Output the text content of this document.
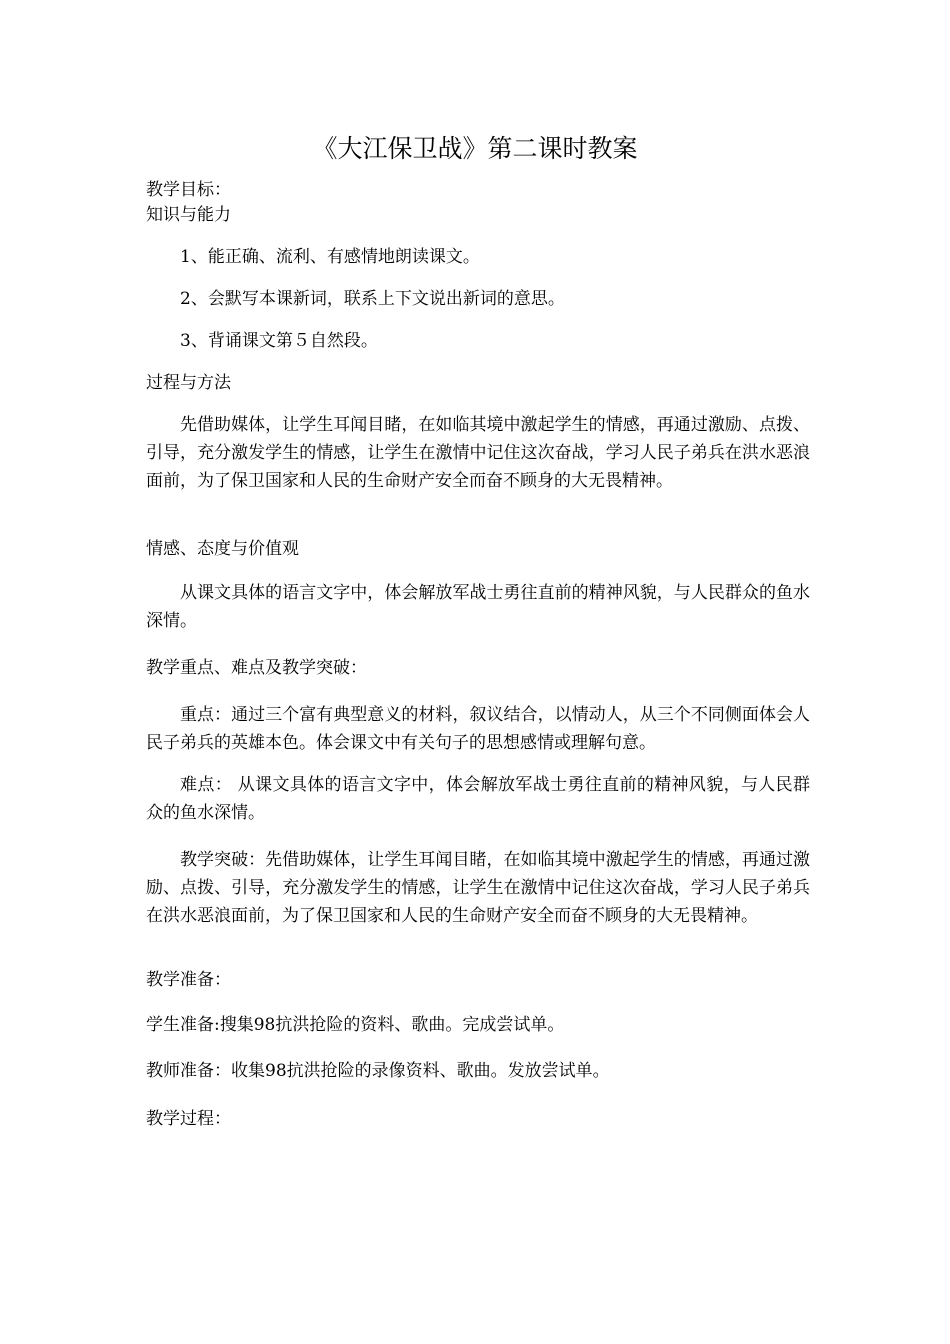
《大江保卫战》第二课时教案
教学目标：
知识与能力
1、能正确、流利、有感情地朗读课文。
2、会默写本课新词，联系上下文说出新词的意思。
3、背诵课文第５自然段。
过程与方法
先借助媒体，让学生耳闻目睹，在如临其境中激起学生的情感，再通过激励、点拨、引导，充分激发学生的情感，让学生在激情中记住这次奋战，学习人民子弟兵在洪水恶浪面前，为了保卫国家和人民的生命财产安全而奋不顾身的大无畏精神。
情感、态度与价值观
从课文具体的语言文字中，体会解放军战士勇往直前的精神风貌，与人民群众的鱼水深情。
教学重点、难点及教学突破：
重点：通过三个富有典型意义的材料，叙议结合，以情动人，从三个不同侧面体会人民子弟兵的英雄本色。体会课文中有关句子的思想感情或理解句意。
难点： 从课文具体的语言文字中，体会解放军战士勇往直前的精神风貌，与人民群众的鱼水深情。
教学突破：先借助媒体，让学生耳闻目睹，在如临其境中激起学生的情感，再通过激励、点拨、引导，充分激发学生的情感，让学生在激情中记住这次奋战，学习人民子弟兵在洪水恶浪面前，为了保卫国家和人民的生命财产安全而奋不顾身的大无畏精神。
教学准备：
学生准备:搜集98抗洪抢险的资料、歌曲。完成尝试单。
教师准备：收集98抗洪抢险的录像资料、歌曲。发放尝试单。
教学过程：
